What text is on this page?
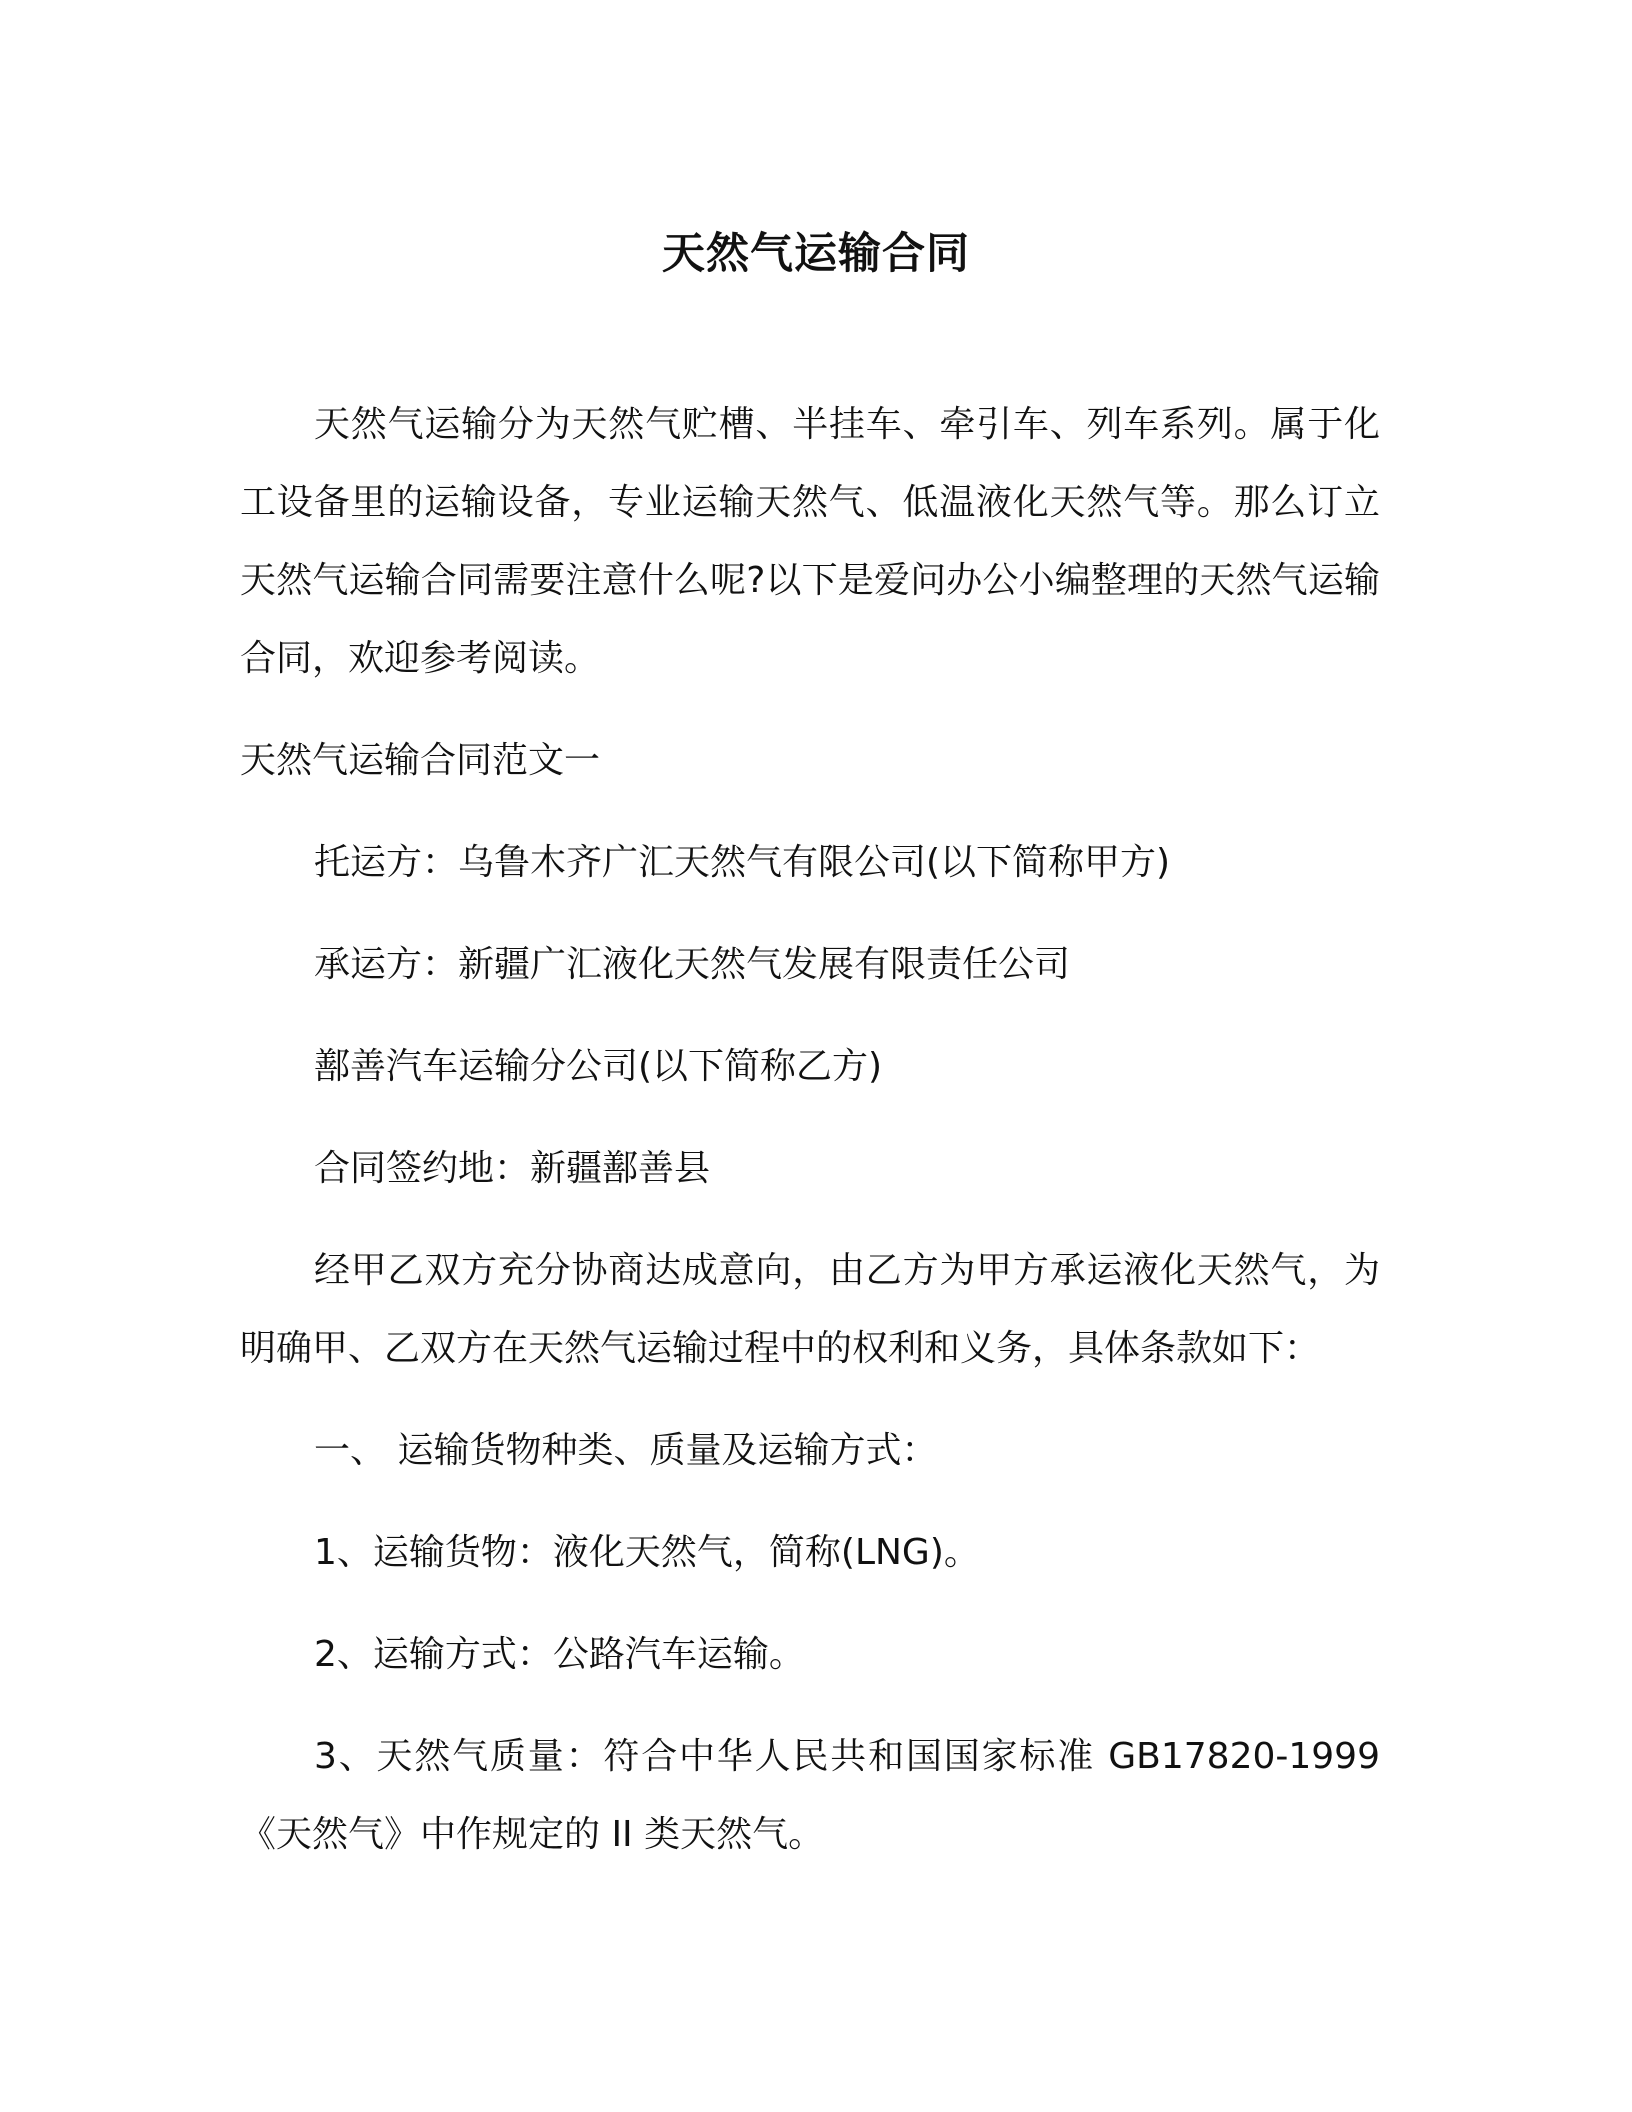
天然气运输合同

天然气运输分为天然气贮槽、半挂车、牵引车、列车系列。属于化工设备里的运输设备，专业运输天然气、低温液化天然气等。那么订立天然气运输合同需要注意什么呢?以下是爱问办公小编整理的天然气运输合同，欢迎参考阅读。

天然气运输合同范文一

托运方：乌鲁木齐广汇天然气有限公司(以下简称甲方)

承运方：新疆广汇液化天然气发展有限责任公司

鄯善汽车运输分公司(以下简称乙方)

合同签约地：新疆鄯善县

经甲乙双方充分协商达成意向，由乙方为甲方承运液化天然气，为明确甲、乙双方在天然气运输过程中的权利和义务，具体条款如下：

一、 运输货物种类、质量及运输方式：

1、运输货物：液化天然气，简称(LNG)。

2、运输方式：公路汽车运输。

3、天然气质量：符合中华人民共和国国家标准 GB17820-1999《天然气》中作规定的 II 类天然气。
